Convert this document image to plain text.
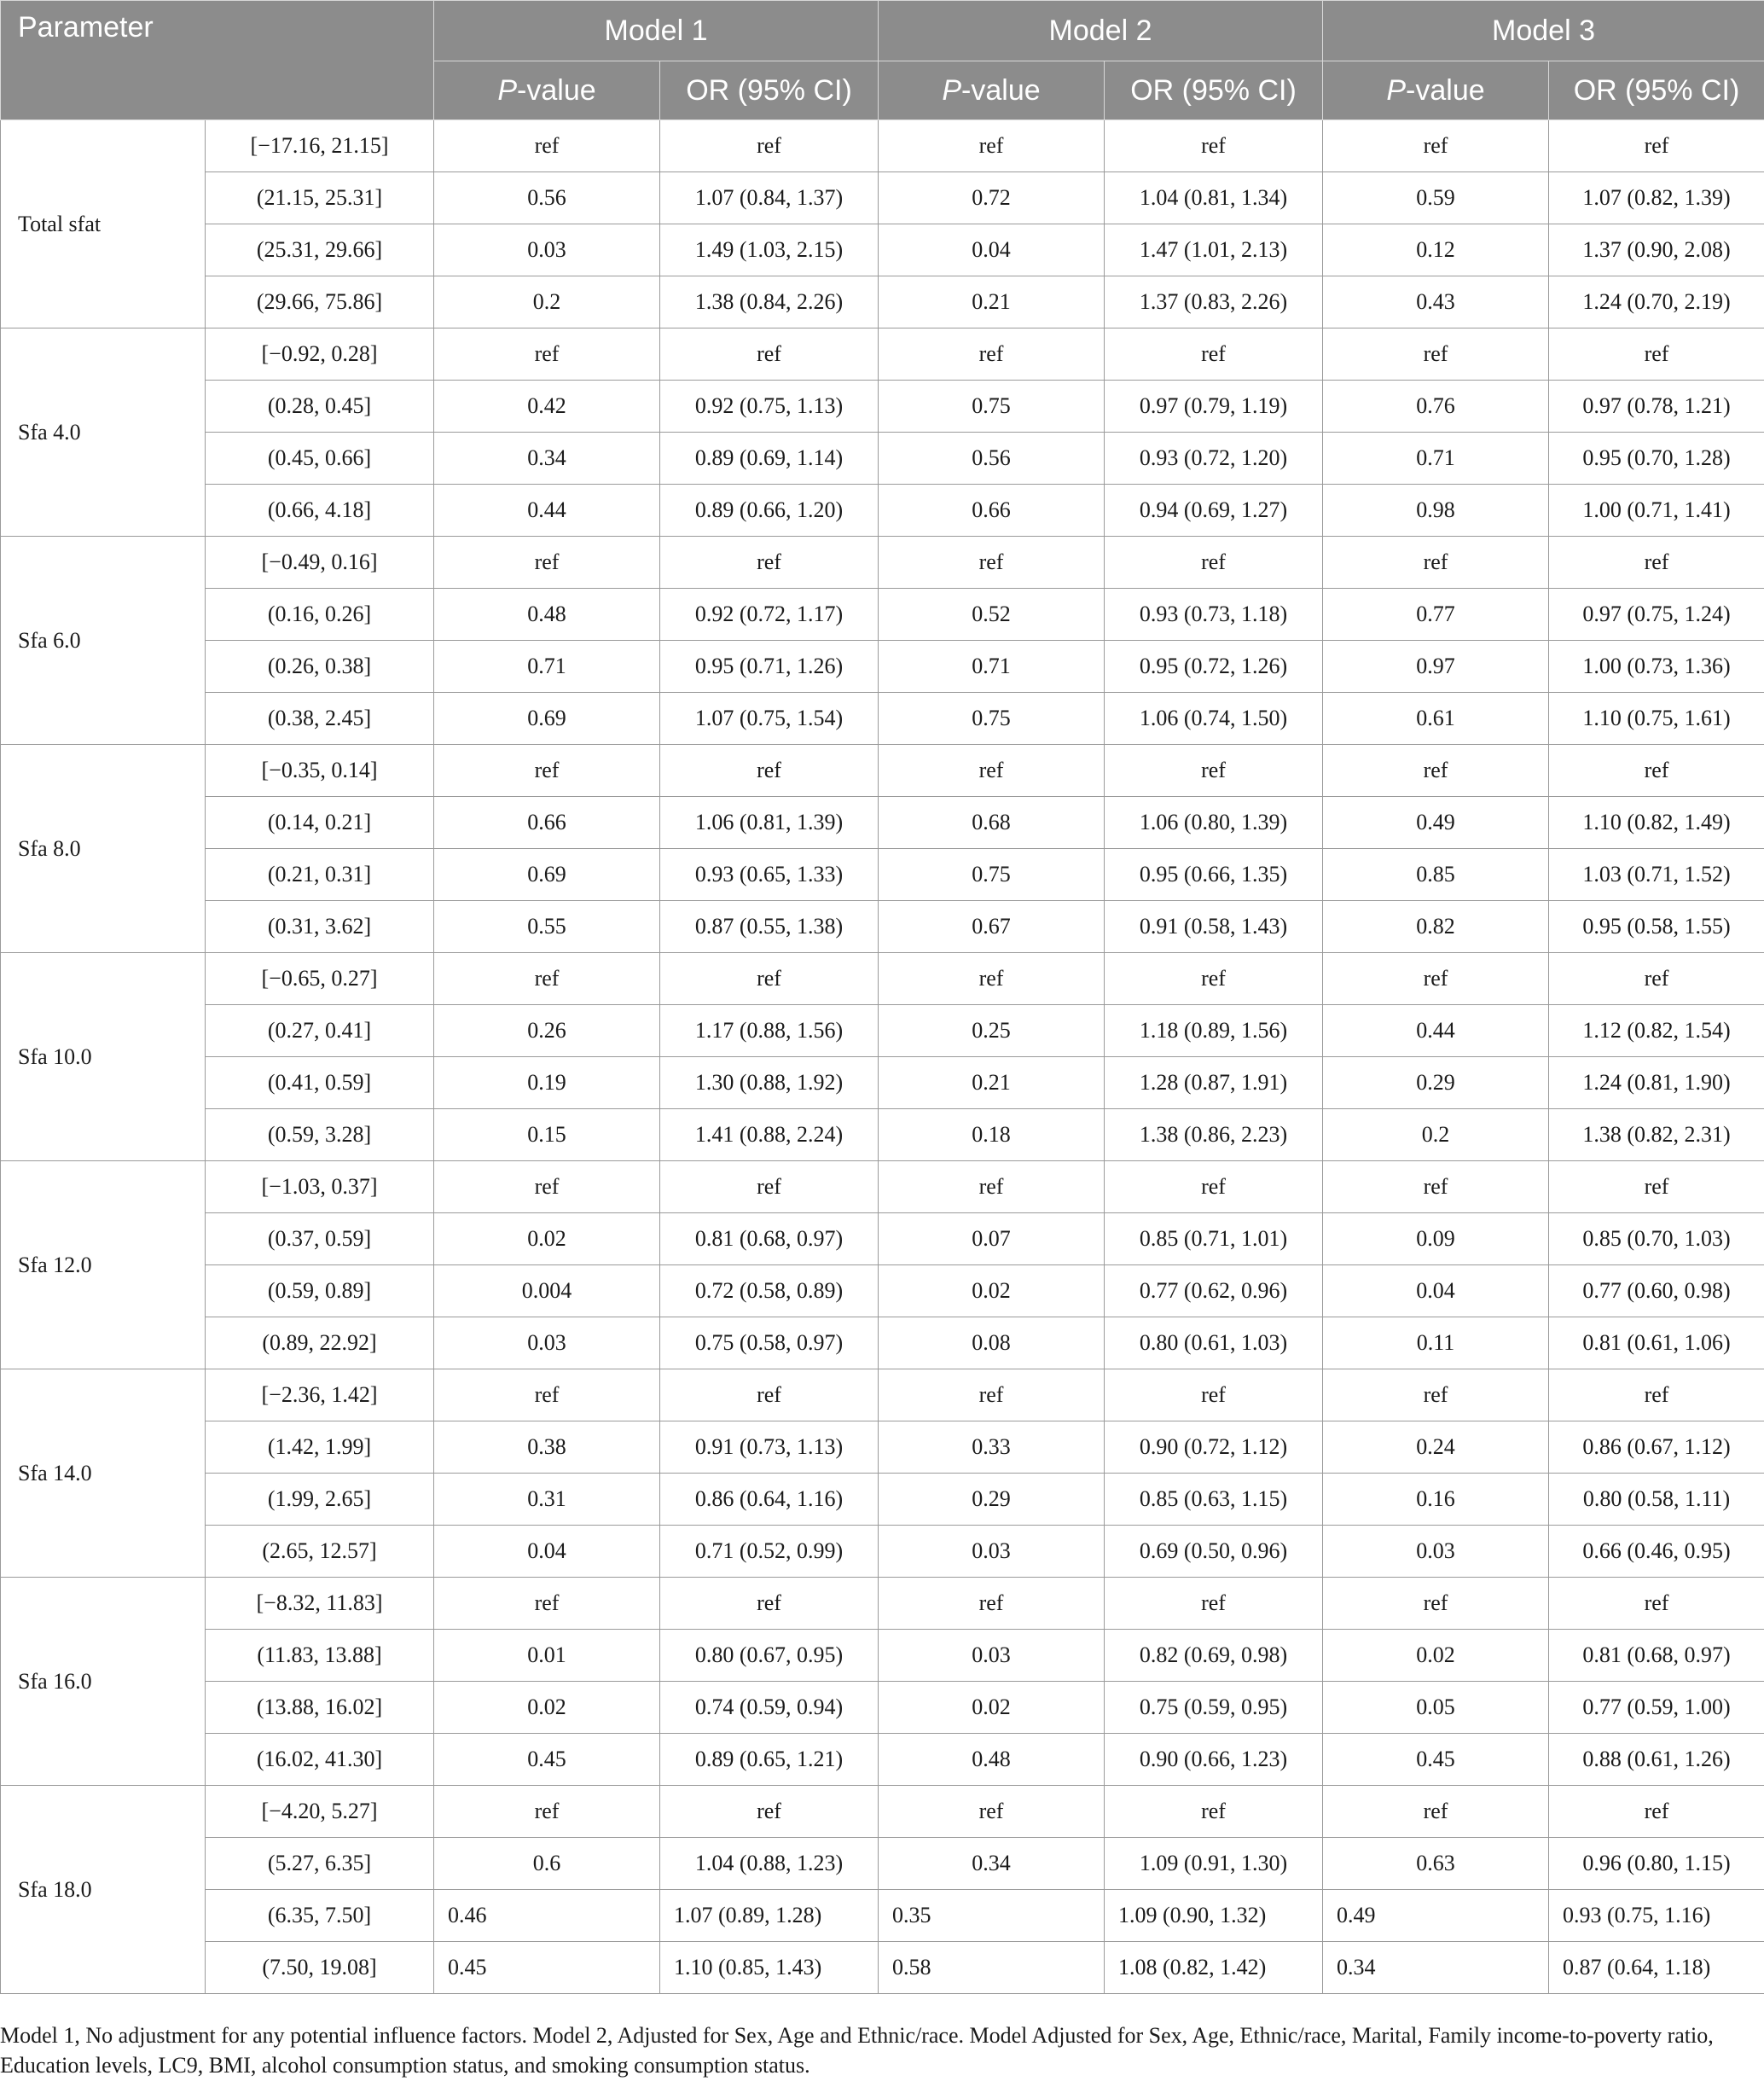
Parameter		Model 1		Model 2		Model 3	
		P-value	OR (95% CI)	P-value	OR (95% CI)	P-value	OR (95% CI)
Total sfat	[−17.16, 21.15]	ref	ref	ref	ref	ref	ref
	(21.15, 25.31]	0.56	1.07 (0.84, 1.37)	0.72	1.04 (0.81, 1.34)	0.59	1.07 (0.82, 1.39)
	(25.31, 29.66]	0.03	1.49 (1.03, 2.15)	0.04	1.47 (1.01, 2.13)	0.12	1.37 (0.90, 2.08)
	(29.66, 75.86]	0.2	1.38 (0.84, 2.26)	0.21	1.37 (0.83, 2.26)	0.43	1.24 (0.70, 2.19)
Sfa 4.0	[−0.92, 0.28]	ref	ref	ref	ref	ref	ref
	(0.28, 0.45]	0.42	0.92 (0.75, 1.13)	0.75	0.97 (0.79, 1.19)	0.76	0.97 (0.78, 1.21)
	(0.45, 0.66]	0.34	0.89 (0.69, 1.14)	0.56	0.93 (0.72, 1.20)	0.71	0.95 (0.70, 1.28)
	(0.66, 4.18]	0.44	0.89 (0.66, 1.20)	0.66	0.94 (0.69, 1.27)	0.98	1.00 (0.71, 1.41)
Sfa 6.0	[−0.49, 0.16]	ref	ref	ref	ref	ref	ref
	(0.16, 0.26]	0.48	0.92 (0.72, 1.17)	0.52	0.93 (0.73, 1.18)	0.77	0.97 (0.75, 1.24)
	(0.26, 0.38]	0.71	0.95 (0.71, 1.26)	0.71	0.95 (0.72, 1.26)	0.97	1.00 (0.73, 1.36)
	(0.38, 2.45]	0.69	1.07 (0.75, 1.54)	0.75	1.06 (0.74, 1.50)	0.61	1.10 (0.75, 1.61)
Sfa 8.0	[−0.35, 0.14]	ref	ref	ref	ref	ref	ref
	(0.14, 0.21]	0.66	1.06 (0.81, 1.39)	0.68	1.06 (0.80, 1.39)	0.49	1.10 (0.82, 1.49)
	(0.21, 0.31]	0.69	0.93 (0.65, 1.33)	0.75	0.95 (0.66, 1.35)	0.85	1.03 (0.71, 1.52)
	(0.31, 3.62]	0.55	0.87 (0.55, 1.38)	0.67	0.91 (0.58, 1.43)	0.82	0.95 (0.58, 1.55)
Sfa 10.0	[−0.65, 0.27]	ref	ref	ref	ref	ref	ref
	(0.27, 0.41]	0.26	1.17 (0.88, 1.56)	0.25	1.18 (0.89, 1.56)	0.44	1.12 (0.82, 1.54)
	(0.41, 0.59]	0.19	1.30 (0.88, 1.92)	0.21	1.28 (0.87, 1.91)	0.29	1.24 (0.81, 1.90)
	(0.59, 3.28]	0.15	1.41 (0.88, 2.24)	0.18	1.38 (0.86, 2.23)	0.2	1.38 (0.82, 2.31)
Sfa 12.0	[−1.03, 0.37]	ref	ref	ref	ref	ref	ref
	(0.37, 0.59]	0.02	0.81 (0.68, 0.97)	0.07	0.85 (0.71, 1.01)	0.09	0.85 (0.70, 1.03)
	(0.59, 0.89]	0.004	0.72 (0.58, 0.89)	0.02	0.77 (0.62, 0.96)	0.04	0.77 (0.60, 0.98)
	(0.89, 22.92]	0.03	0.75 (0.58, 0.97)	0.08	0.80 (0.61, 1.03)	0.11	0.81 (0.61, 1.06)
Sfa 14.0	[−2.36, 1.42]	ref	ref	ref	ref	ref	ref
	(1.42, 1.99]	0.38	0.91 (0.73, 1.13)	0.33	0.90 (0.72, 1.12)	0.24	0.86 (0.67, 1.12)
	(1.99, 2.65]	0.31	0.86 (0.64, 1.16)	0.29	0.85 (0.63, 1.15)	0.16	0.80 (0.58, 1.11)
	(2.65, 12.57]	0.04	0.71 (0.52, 0.99)	0.03	0.69 (0.50, 0.96)	0.03	0.66 (0.46, 0.95)
Sfa 16.0	[−8.32, 11.83]	ref	ref	ref	ref	ref	ref
	(11.83, 13.88]	0.01	0.80 (0.67, 0.95)	0.03	0.82 (0.69, 0.98)	0.02	0.81 (0.68, 0.97)
	(13.88, 16.02]	0.02	0.74 (0.59, 0.94)	0.02	0.75 (0.59, 0.95)	0.05	0.77 (0.59, 1.00)
	(16.02, 41.30]	0.45	0.89 (0.65, 1.21)	0.48	0.90 (0.66, 1.23)	0.45	0.88 (0.61, 1.26)
Sfa 18.0	[−4.20, 5.27]	ref	ref	ref	ref	ref	ref
	(5.27, 6.35]	0.6	1.04 (0.88, 1.23)	0.34	1.09 (0.91, 1.30)	0.63	0.96 (0.80, 1.15)
	(6.35, 7.50]	0.46	1.07 (0.89, 1.28)	0.35	1.09 (0.90, 1.32)	0.49	0.93 (0.75, 1.16)
	(7.50, 19.08]	0.45	1.10 (0.85, 1.43)	0.58	1.08 (0.82, 1.42)	0.34	0.87 (0.64, 1.18)
Model 1, No adjustment for any potential influence factors. Model 2, Adjusted for Sex, Age and Ethnic/race. Model Adjusted for Sex, Age, Ethnic/race, Marital, Family income-to-poverty ratio, Education levels, LC9, BMI, alcohol consumption status, and smoking consumption status.
